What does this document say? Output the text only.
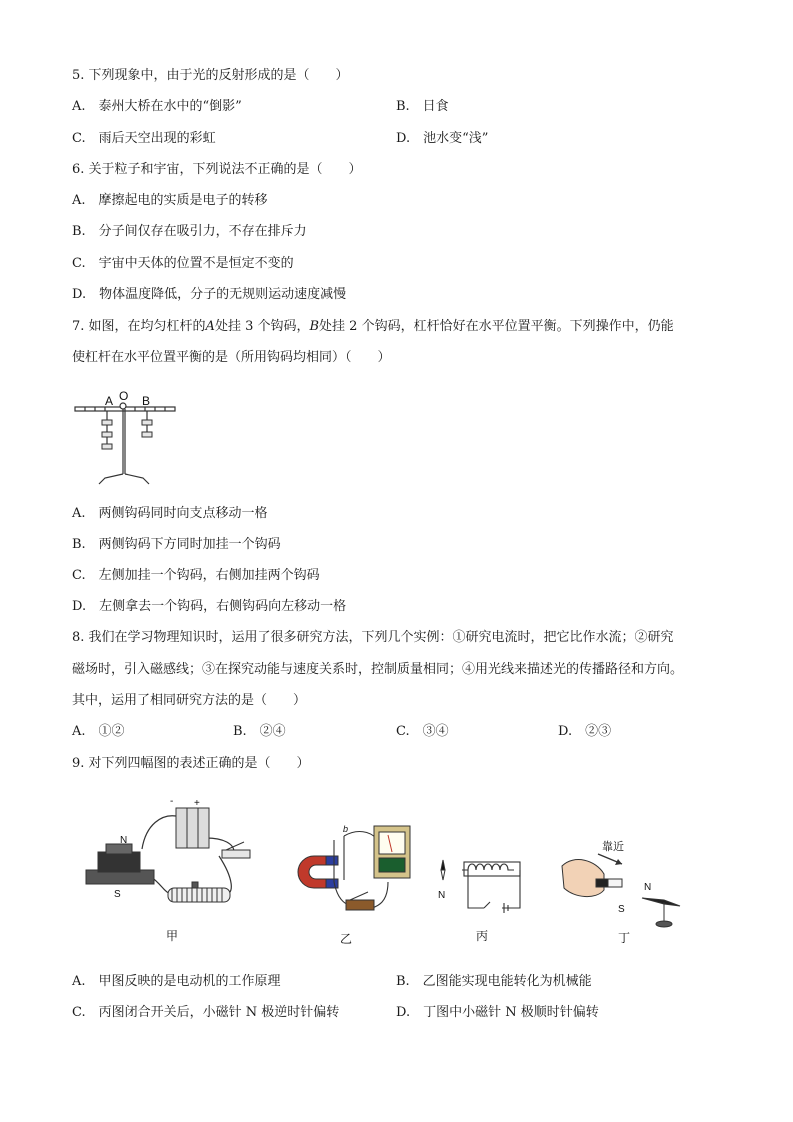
5. 下列现象中，由于光的反射形成的是（　　）
A.　泰州大桥在水中的“倒影”	B.　日食
C.　雨后天空出现的彩虹	D.　池水变“浅”
6. 关于粒子和宇宙，下列说法不正确的是（　　）
A.　摩擦起电的实质是电子的转移
B.　分子间仅存在吸引力，不存在排斥力
C.　宇宙中天体的位置不是恒定不变的
D.　物体温度降低，分子的无规则运动速度减慢
7. 如图，在均匀杠杆的A处挂 3 个钩码，B处挂 2 个钩码，杠杆恰好在水平位置平衡。下列操作中，仍能
使杠杆在水平位置平衡的是（所用钩码均相同）（　　）
A O B
A.　两侧钩码同时向支点移动一格
B.　两侧钩码下方同时加挂一个钩码
C.　左侧加挂一个钩码，右侧加挂两个钩码
D.　左侧拿去一个钩码，右侧钩码向左移动一格
8. 我们在学习物理知识时，运用了很多研究方法，下列几个实例：①研究电流时，把它比作水流；②研究
磁场时，引入磁感线；③在探究动能与速度关系时，控制质量相同；④用光线来描述光的传播路径和方向。
其中，运用了相同研究方法的是（　　）
A.　①②	B.　②④	C.　③④	D.　②③
9. 对下列四幅图的表述正确的是（　　）
+
-
N
S
甲
b
乙
N
丙
靠近
S
N
丁
A.　甲图反映的是电动机的工作原理	B.　乙图能实现电能转化为机械能
C.　丙图闭合开关后，小磁针 N 极逆时针偏转	D.　丁图中小磁针 N 极顺时针偏转
